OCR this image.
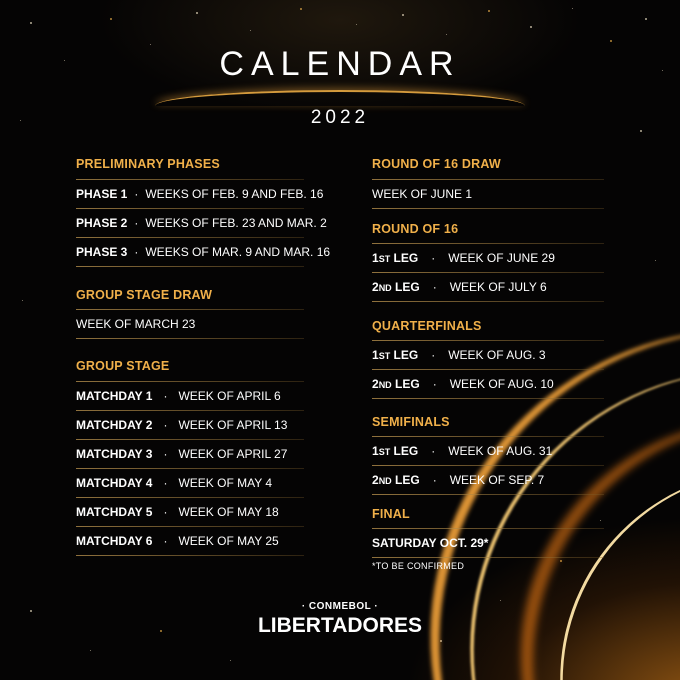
CALENDAR
2022
PRELIMINARY PHASES
PHASE 1 · WEEKS OF FEB. 9 AND FEB. 16
PHASE 2 · WEEKS OF FEB. 23 AND MAR. 2
PHASE 3 · WEEKS OF MAR. 9 AND MAR. 16
GROUP STAGE DRAW
WEEK OF MARCH 23
GROUP STAGE
MATCHDAY 1 · WEEK OF APRIL 6
MATCHDAY 2 · WEEK OF APRIL 13
MATCHDAY 3 · WEEK OF APRIL 27
MATCHDAY 4 · WEEK OF MAY 4
MATCHDAY 5 · WEEK OF MAY 18
MATCHDAY 6 · WEEK OF MAY 25
ROUND OF 16 DRAW
WEEK OF JUNE 1
ROUND OF 16
1ST LEG · WEEK OF JUNE 29
2ND LEG · WEEK OF JULY 6
QUARTERFINALS
1ST LEG · WEEK OF AUG. 3
2ND LEG · WEEK OF AUG. 10
SEMIFINALS
1ST LEG · WEEK OF AUG. 31
2ND LEG · WEEK OF SEP. 7
FINAL
SATURDAY OCT. 29*
*TO BE CONFIRMED
· CONMEBOL ·
LIBERTADORES
